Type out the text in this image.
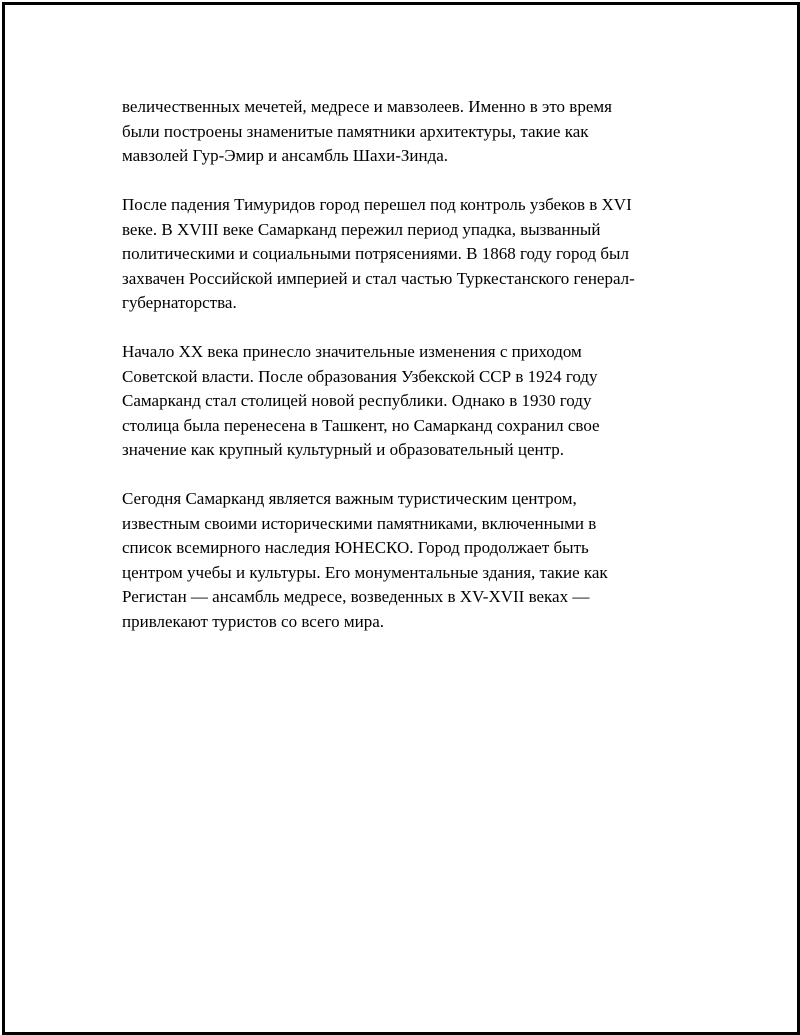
величественных мечетей, медресе и мавзолеев. Именно в это время
были построены знаменитые памятники архитектуры, такие как
мавзолей Гур-Эмир и ансамбль Шахи-Зинда.

После падения Тимуридов город перешел под контроль узбеков в XVI
веке. В XVIII веке Самарканд пережил период упадка, вызванный
политическими и социальными потрясениями. В 1868 году город был
захвачен Российской империей и стал частью Туркестанского генерал-
губернаторства.

Начало XX века принесло значительные изменения с приходом
Советской власти. После образования Узбекской ССР в 1924 году
Самарканд стал столицей новой республики. Однако в 1930 году
столица была перенесена в Ташкент, но Самарканд сохранил свое
значение как крупный культурный и образовательный центр.

Сегодня Самарканд является важным туристическим центром,
известным своими историческими памятниками, включенными в
список всемирного наследия ЮНЕСКО. Город продолжает быть
центром учебы и культуры. Его монументальные здания, такие как
Регистан — ансамбль медресе, возведенных в XV-XVII веках —
привлекают туристов со всего мира.
